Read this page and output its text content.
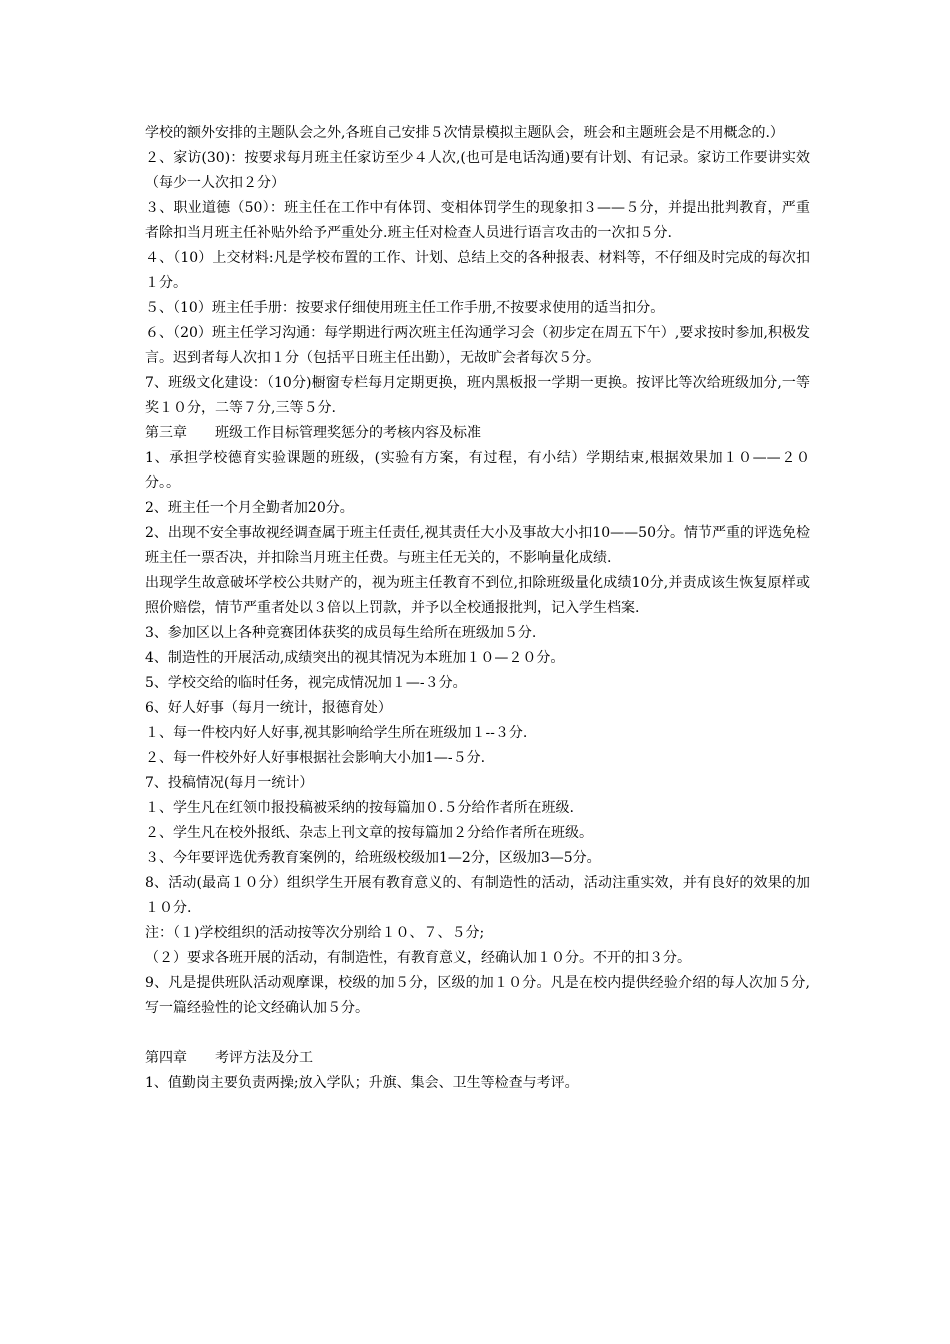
学校的额外安排的主题队会之外,各班自己安排５次情景模拟主题队会，班会和主题班会是不用概念的.）

２、家访(30)：按要求每月班主任家访至少４人次,(也可是电话沟通)要有计划、有记录。家访工作要讲实效（每少一人次扣２分）

３、职业道德（50）：班主任在工作中有体罚、变相体罚学生的现象扣３——５分，并提出批判教育，严重者除扣当月班主任补贴外给予严重处分.班主任对检查人员进行语言攻击的一次扣５分.

４、（10）上交材料:凡是学校布置的工作、计划、总结上交的各种报表、材料等，不仔细及时完成的每次扣１分。

５、（10）班主任手册：按要求仔细使用班主任工作手册,不按要求使用的适当扣分。

６、（20）班主任学习沟通：每学期进行两次班主任沟通学习会（初步定在周五下午）,要求按时参加,积极发言。迟到者每人次扣１分（包括平日班主任出勤），无故旷会者每次５分。

7、班级文化建设：（10分)橱窗专栏每月定期更换，班内黑板报一学期一更换。按评比等次给班级加分,一等奖１０分，二等７分,三等５分.

第三章　　班级工作目标管理奖惩分的考核内容及标准

1、承担学校德育实验课题的班级，(实验有方案，有过程，有小结）学期结束,根据效果加１０——２０分。。

2、班主任一个月全勤者加20分。

2、出现不安全事故视经调查属于班主任责任,视其责任大小及事故大小扣10——50分。情节严重的评选免检班主任一票否决，并扣除当月班主任费。与班主任无关的，不影响量化成绩.

出现学生故意破坏学校公共财产的，视为班主任教育不到位,扣除班级量化成绩10分,并责成该生恢复原样或照价赔偿，情节严重者处以３倍以上罚款，并予以全校通报批判，记入学生档案.

3、参加区以上各种竞赛团体获奖的成员每生给所在班级加５分.

4、制造性的开展活动,成绩突出的视其情况为本班加１０—２０分。

5、学校交给的临时任务，视完成情况加１—-３分。

6、好人好事（每月一统计，报德育处）

１、每一件校内好人好事,视其影响给学生所在班级加１--３分.

２、每一件校外好人好事根据社会影响大小加1—-５分.

7、投稿情况(每月一统计）

１、学生凡在红领巾报投稿被采纳的按每篇加０.５分给作者所在班级.

２、学生凡在校外报纸、杂志上刊文章的按每篇加２分给作者所在班级。

３、今年要评选优秀教育案例的，给班级校级加1—2分，区级加3—5分。

8、活动(最高１０分）组织学生开展有教育意义的、有制造性的活动，活动注重实效，并有良好的效果的加１０分.

注：（１)学校组织的活动按等次分别给１０、７、５分;

（２）要求各班开展的活动，有制造性，有教育意义，经确认加１０分。不开的扣３分。

9、凡是提供班队活动观摩课，校级的加５分，区级的加１０分。凡是在校内提供经验介绍的每人次加５分,写一篇经验性的论文经确认加５分。

第四章　　考评方法及分工

1、值勤岗主要负责两操;放入学队；升旗、集会、卫生等检查与考评。
